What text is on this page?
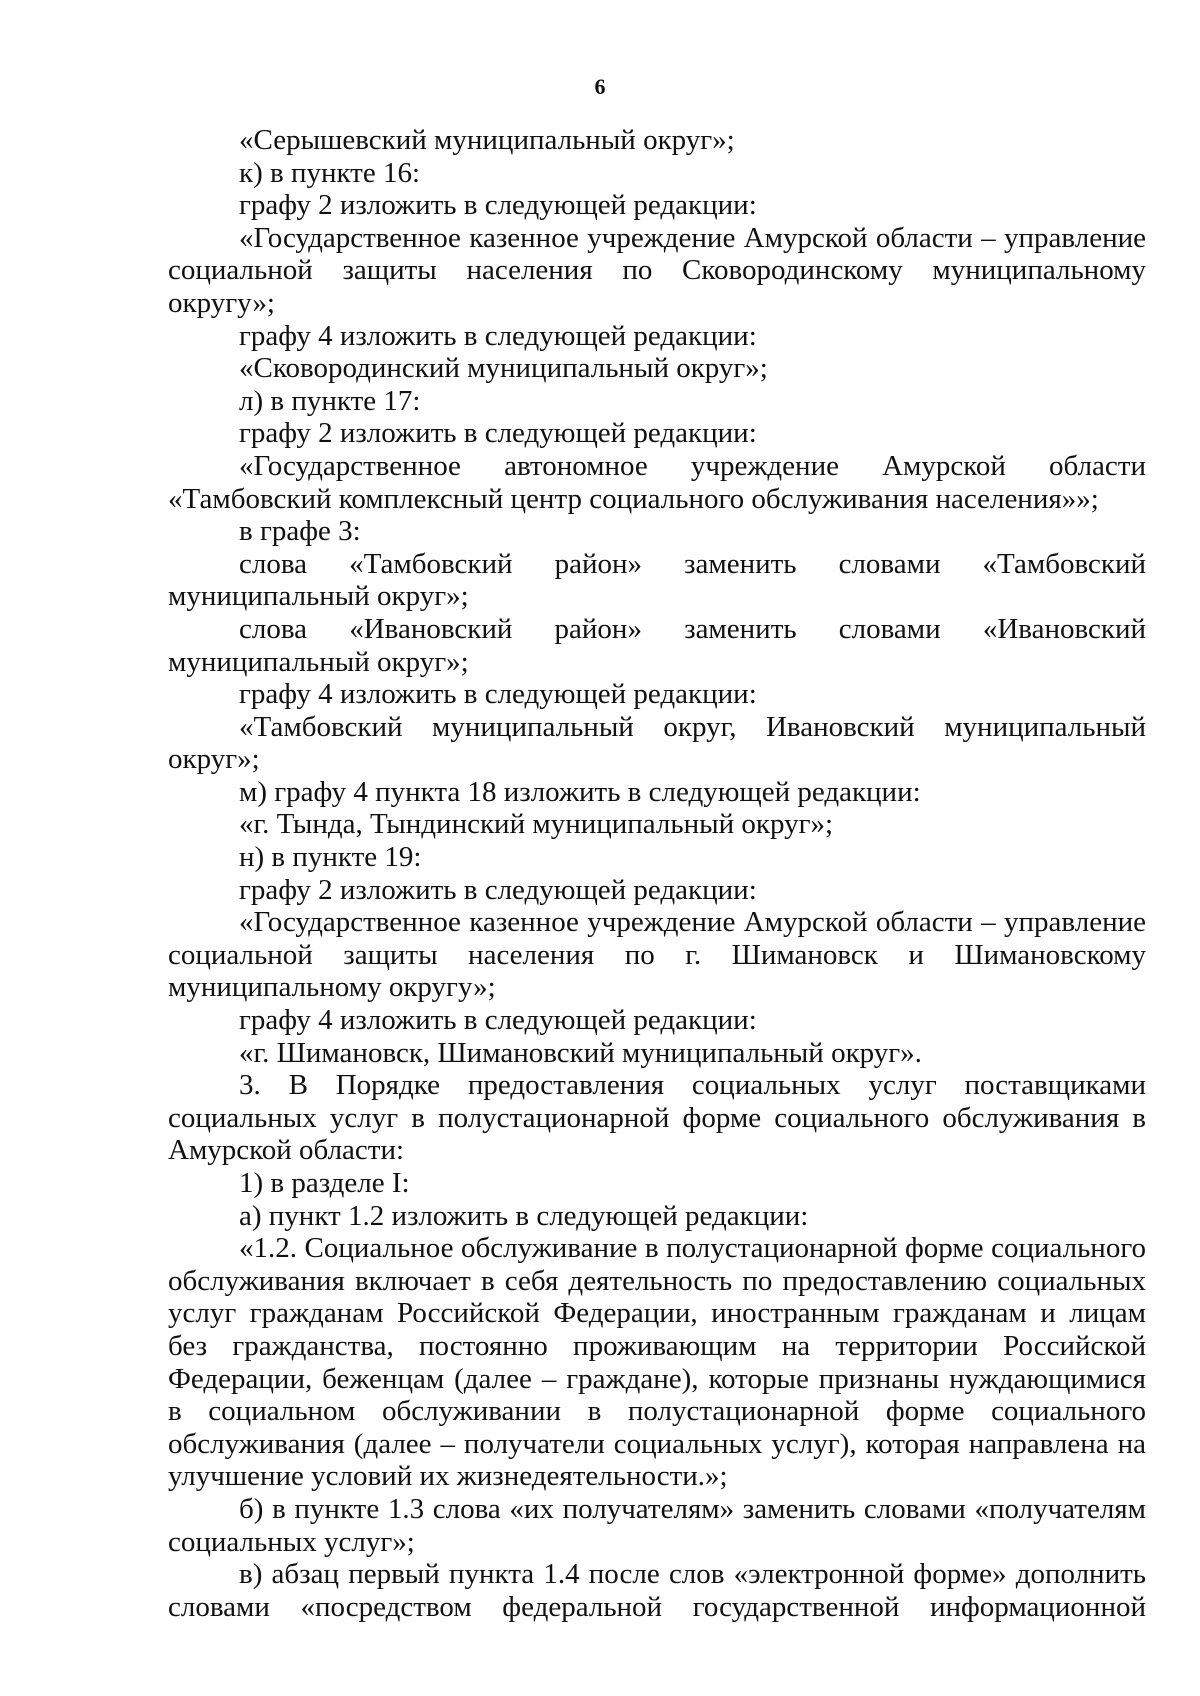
6

«Серышевский муниципальный округ»;

к) в пункте 16:

графу 2 изложить в следующей редакции:

«Государственное казенное учреждение Амурской области – управление социальной защиты населения по Сковородинскому муниципальному округу»;

графу 4 изложить в следующей редакции:

«Сковородинский муниципальный округ»;

л) в пункте 17:

графу 2 изложить в следующей редакции:

«Государственное автономное учреждение Амурской области «Тамбовский комплексный центр социального обслуживания населения»»;

в графе 3:

слова «Тамбовский район» заменить словами «Тамбовский муниципальный округ»;

слова «Ивановский район» заменить словами «Ивановский муниципальный округ»;

графу 4 изложить в следующей редакции:

«Тамбовский муниципальный округ, Ивановский муниципальный округ»;

м) графу 4 пункта 18 изложить в следующей редакции:

«г. Тында, Тындинский муниципальный округ»;

н) в пункте 19:

графу 2 изложить в следующей редакции:

«Государственное казенное учреждение Амурской области – управление социальной защиты населения по г. Шимановск и Шимановскому муниципальному округу»;

графу 4 изложить в следующей редакции:

«г. Шимановск, Шимановский муниципальный округ».

3. В Порядке предоставления социальных услуг поставщиками социальных услуг в полустационарной форме социального обслуживания в Амурской области:

1) в разделе I:

а) пункт 1.2 изложить в следующей редакции:

«1.2. Социальное обслуживание в полустационарной форме социального обслуживания включает в себя деятельность по предоставлению социальных услуг гражданам Российской Федерации, иностранным гражданам и лицам без гражданства, постоянно проживающим на территории Российской Федерации, беженцам (далее – граждане), которые признаны нуждающимися в социальном обслуживании в полустационарной форме социального обслуживания (далее – получатели социальных услуг), которая направлена на улучшение условий их жизнедеятельности.»;

б) в пункте 1.3 слова «их получателям» заменить словами «получателям социальных услуг»;

в) абзац первый пункта 1.4 после слов «электронной форме» дополнить словами «посредством федеральной государственной информационной
